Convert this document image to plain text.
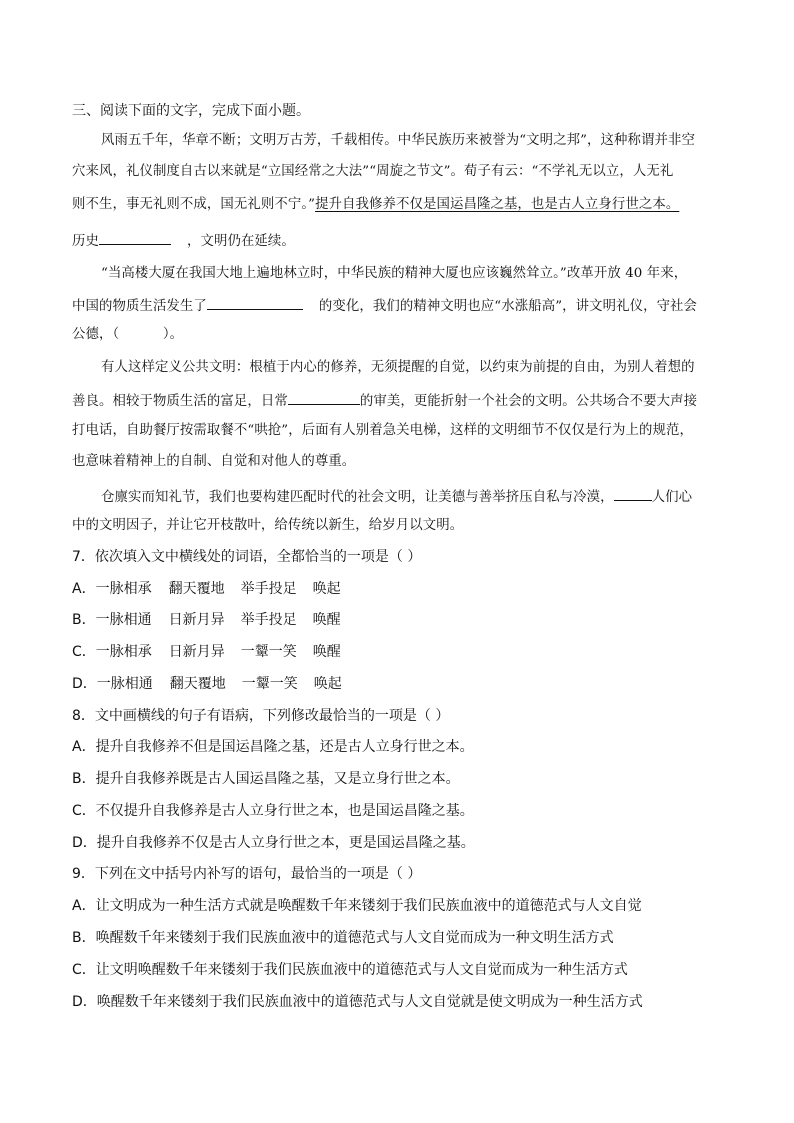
三、阅读下面的文字，完成下面小题。
风雨五千年，华章不断；文明万古芳，千载相传。中华民族历来被誉为“文明之邦”，这种称谓并非空
穴来风，礼仪制度自古以来就是“立国经常之大法”“周旋之节文”。荀子有云：“不学礼无以立，人无礼
则不生，事无礼则不成，国无礼则不宁。”提升自我修养不仅是国运昌隆之基，也是古人立身行世之本。
历史	，文明仍在延续。
“当高楼大厦在我国大地上遍地林立时，中华民族的精神大厦也应该巍然耸立。”改革开放 40 年来，
中国的物质生活发生了	的变化，我们的精神文明也应“水涨船高”，讲文明礼仪，守社会
公德，（          ）。
有人这样定义公共文明：根植于内心的修养，无须提醒的自觉，以约束为前提的自由，为别人着想的
善良。相较于物质生活的富足，日常	的审美，更能折射一个社会的文明。公共场合不要大声接
打电话，自助餐厅按需取餐不“哄抢”，后面有人别着急关电梯，这样的文明细节不仅仅是行为上的规范，
也意味着精神上的自制、自觉和对他人的尊重。
仓廪实而知礼节，我们也要构建匹配时代的社会文明，让美德与善举挤压自私与冷漠，	人们心
中的文明因子，并让它开枝散叶，给传统以新生，给岁月以文明。
7．依次填入文中横线处的词语，全都恰当的一项是（ ）
A．一脉相承 翻天覆地 举手投足 唤起
B．一脉相通 日新月异 举手投足 唤醒
C．一脉相承 日新月异 一颦一笑 唤醒
D．一脉相通 翻天覆地 一颦一笑 唤起
8．文中画横线的句子有语病，下列修改最恰当的一项是（ ）
A．提升自我修养不但是国运昌隆之基，还是古人立身行世之本。
B．提升自我修养既是古人国运昌隆之基，又是立身行世之本。
C．不仅提升自我修养是古人立身行世之本，也是国运昌隆之基。
D．提升自我修养不仅是古人立身行世之本，更是国运昌隆之基。
9．下列在文中括号内补写的语句，最恰当的一项是（ ）
A．让文明成为一种生活方式就是唤醒数千年来镂刻于我们民族血液中的道德范式与人文自觉
B．唤醒数千年来镂刻于我们民族血液中的道德范式与人文自觉而成为一种文明生活方式
C．让文明唤醒数千年来镂刻于我们民族血液中的道德范式与人文自觉而成为一种生活方式
D．唤醒数千年来镂刻于我们民族血液中的道德范式与人文自觉就是使文明成为一种生活方式
